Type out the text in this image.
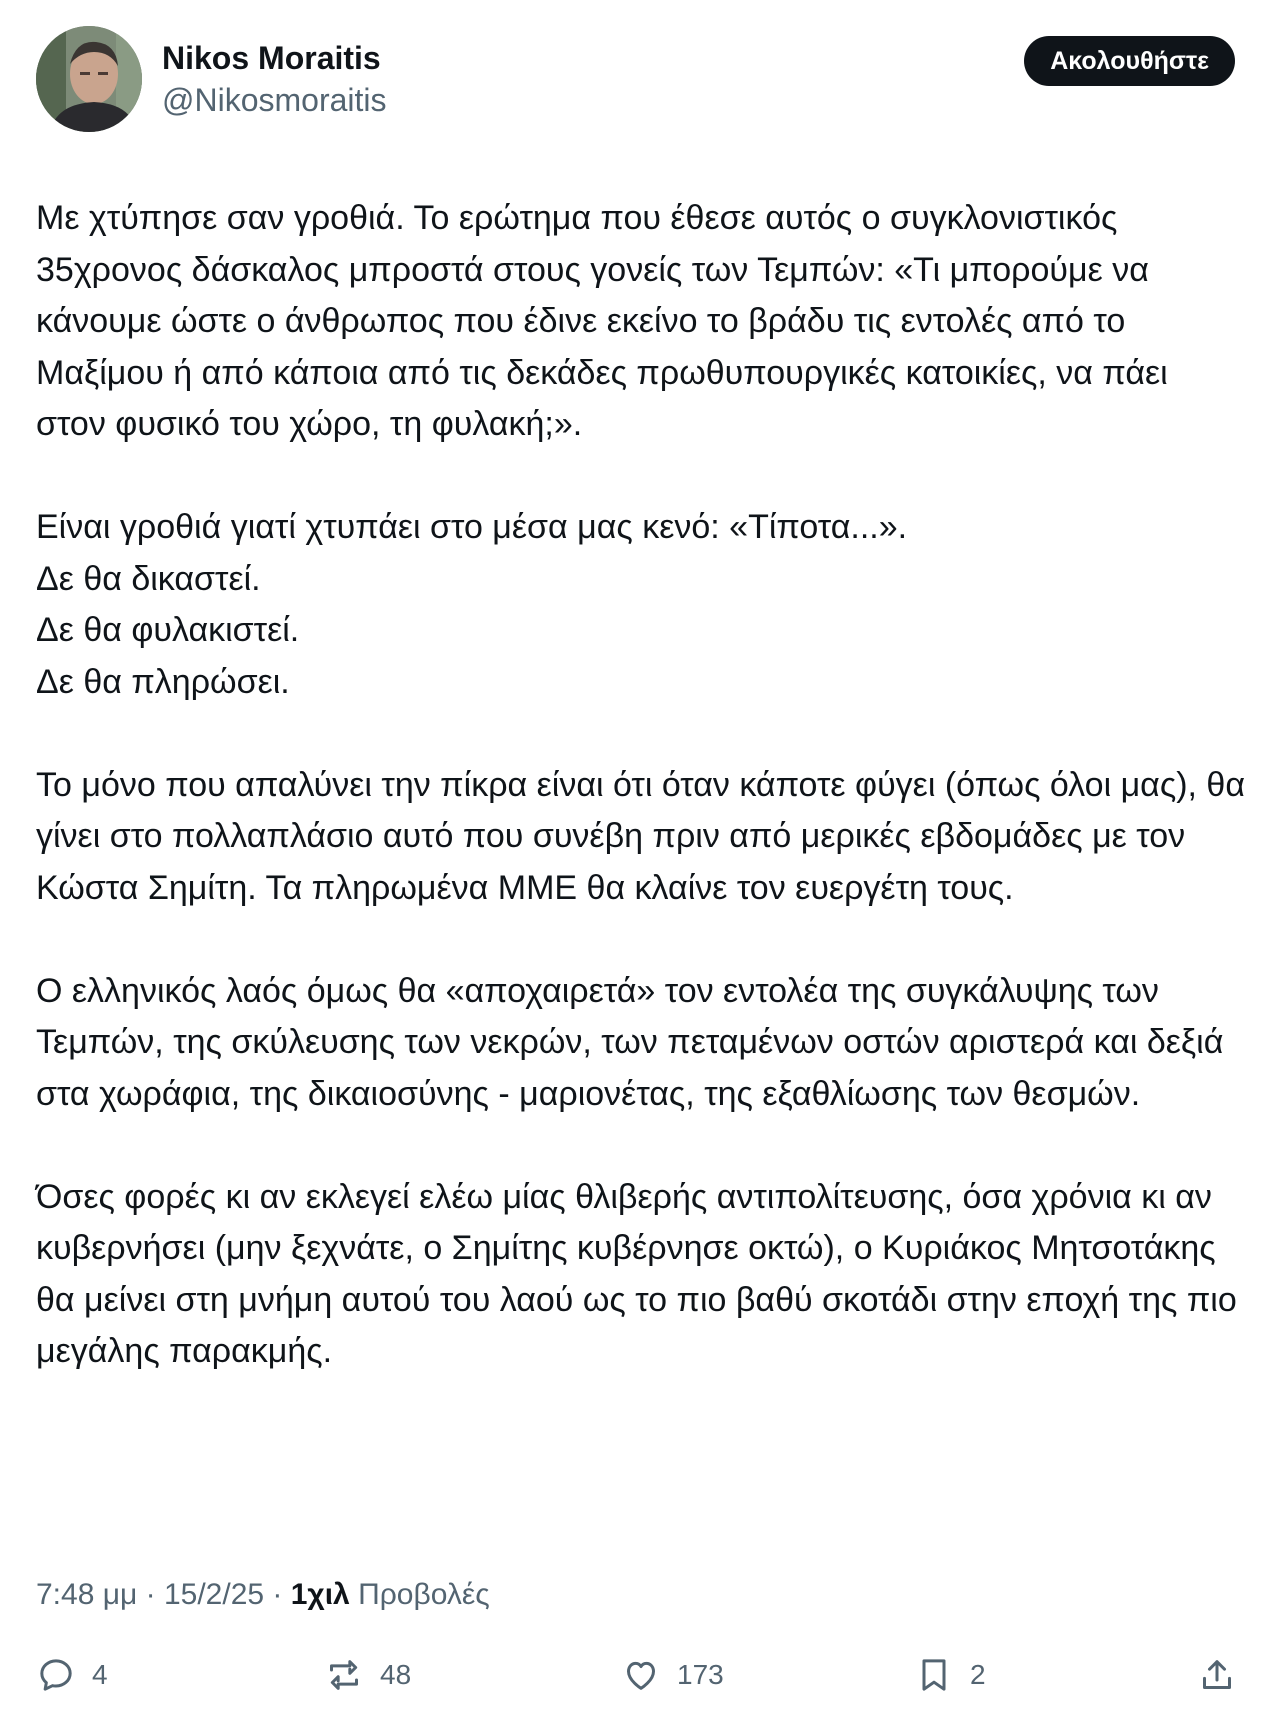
Nikos Moraitis
@Nikosmoraitis
Ακολουθήστε

Με χτύπησε σαν γροθιά. Το ερώτημα που έθεσε αυτός ο συγκλονιστικός 35χρονος δάσκαλος μπροστά στους γονείς των Τεμπών: «Τι μπορούμε να κάνουμε ώστε ο άνθρωπος που έδινε εκείνο το βράδυ τις εντολές από το Μαξίμου ή από κάποια από τις δεκάδες πρωθυπουργικές κατοικίες, να πάει στον φυσικό του χώρο, τη φυλακή;».

Είναι γροθιά γιατί χτυπάει στο μέσα μας κενό: «Τίποτα...».
Δε θα δικαστεί.
Δε θα φυλακιστεί.
Δε θα πληρώσει.

Το μόνο που απαλύνει την πίκρα είναι ότι όταν κάποτε φύγει (όπως όλοι μας), θα γίνει στο πολλαπλάσιο αυτό που συνέβη πριν από μερικές εβδομάδες με τον Κώστα Σημίτη. Τα πληρωμένα ΜΜΕ θα κλαίνε τον ευεργέτη τους.

Ο ελληνικός λαός όμως θα «αποχαιρετά» τον εντολέα της συγκάλυψης των Τεμπών, της σκύλευσης των νεκρών, των πεταμένων οστών αριστερά και δεξιά στα χωράφια, της δικαιοσύνης - μαριονέτας, της εξαθλίωσης των θεσμών.

Όσες φορές κι αν εκλεγεί ελέω μίας θλιβερής αντιπολίτευσης, όσα χρόνια κι αν κυβερνήσει (μην ξεχνάτε, ο Σημίτης κυβέρνησε οκτώ), ο Κυριάκος Μητσοτάκης θα μείνει στη μνήμη αυτού του λαού ως το πιο βαθύ σκοτάδι στην εποχή της πιο μεγάλης παρακμής.

7:48 μμ · 15/2/25 · 1χιλ Προβολές
4	48	173	2
